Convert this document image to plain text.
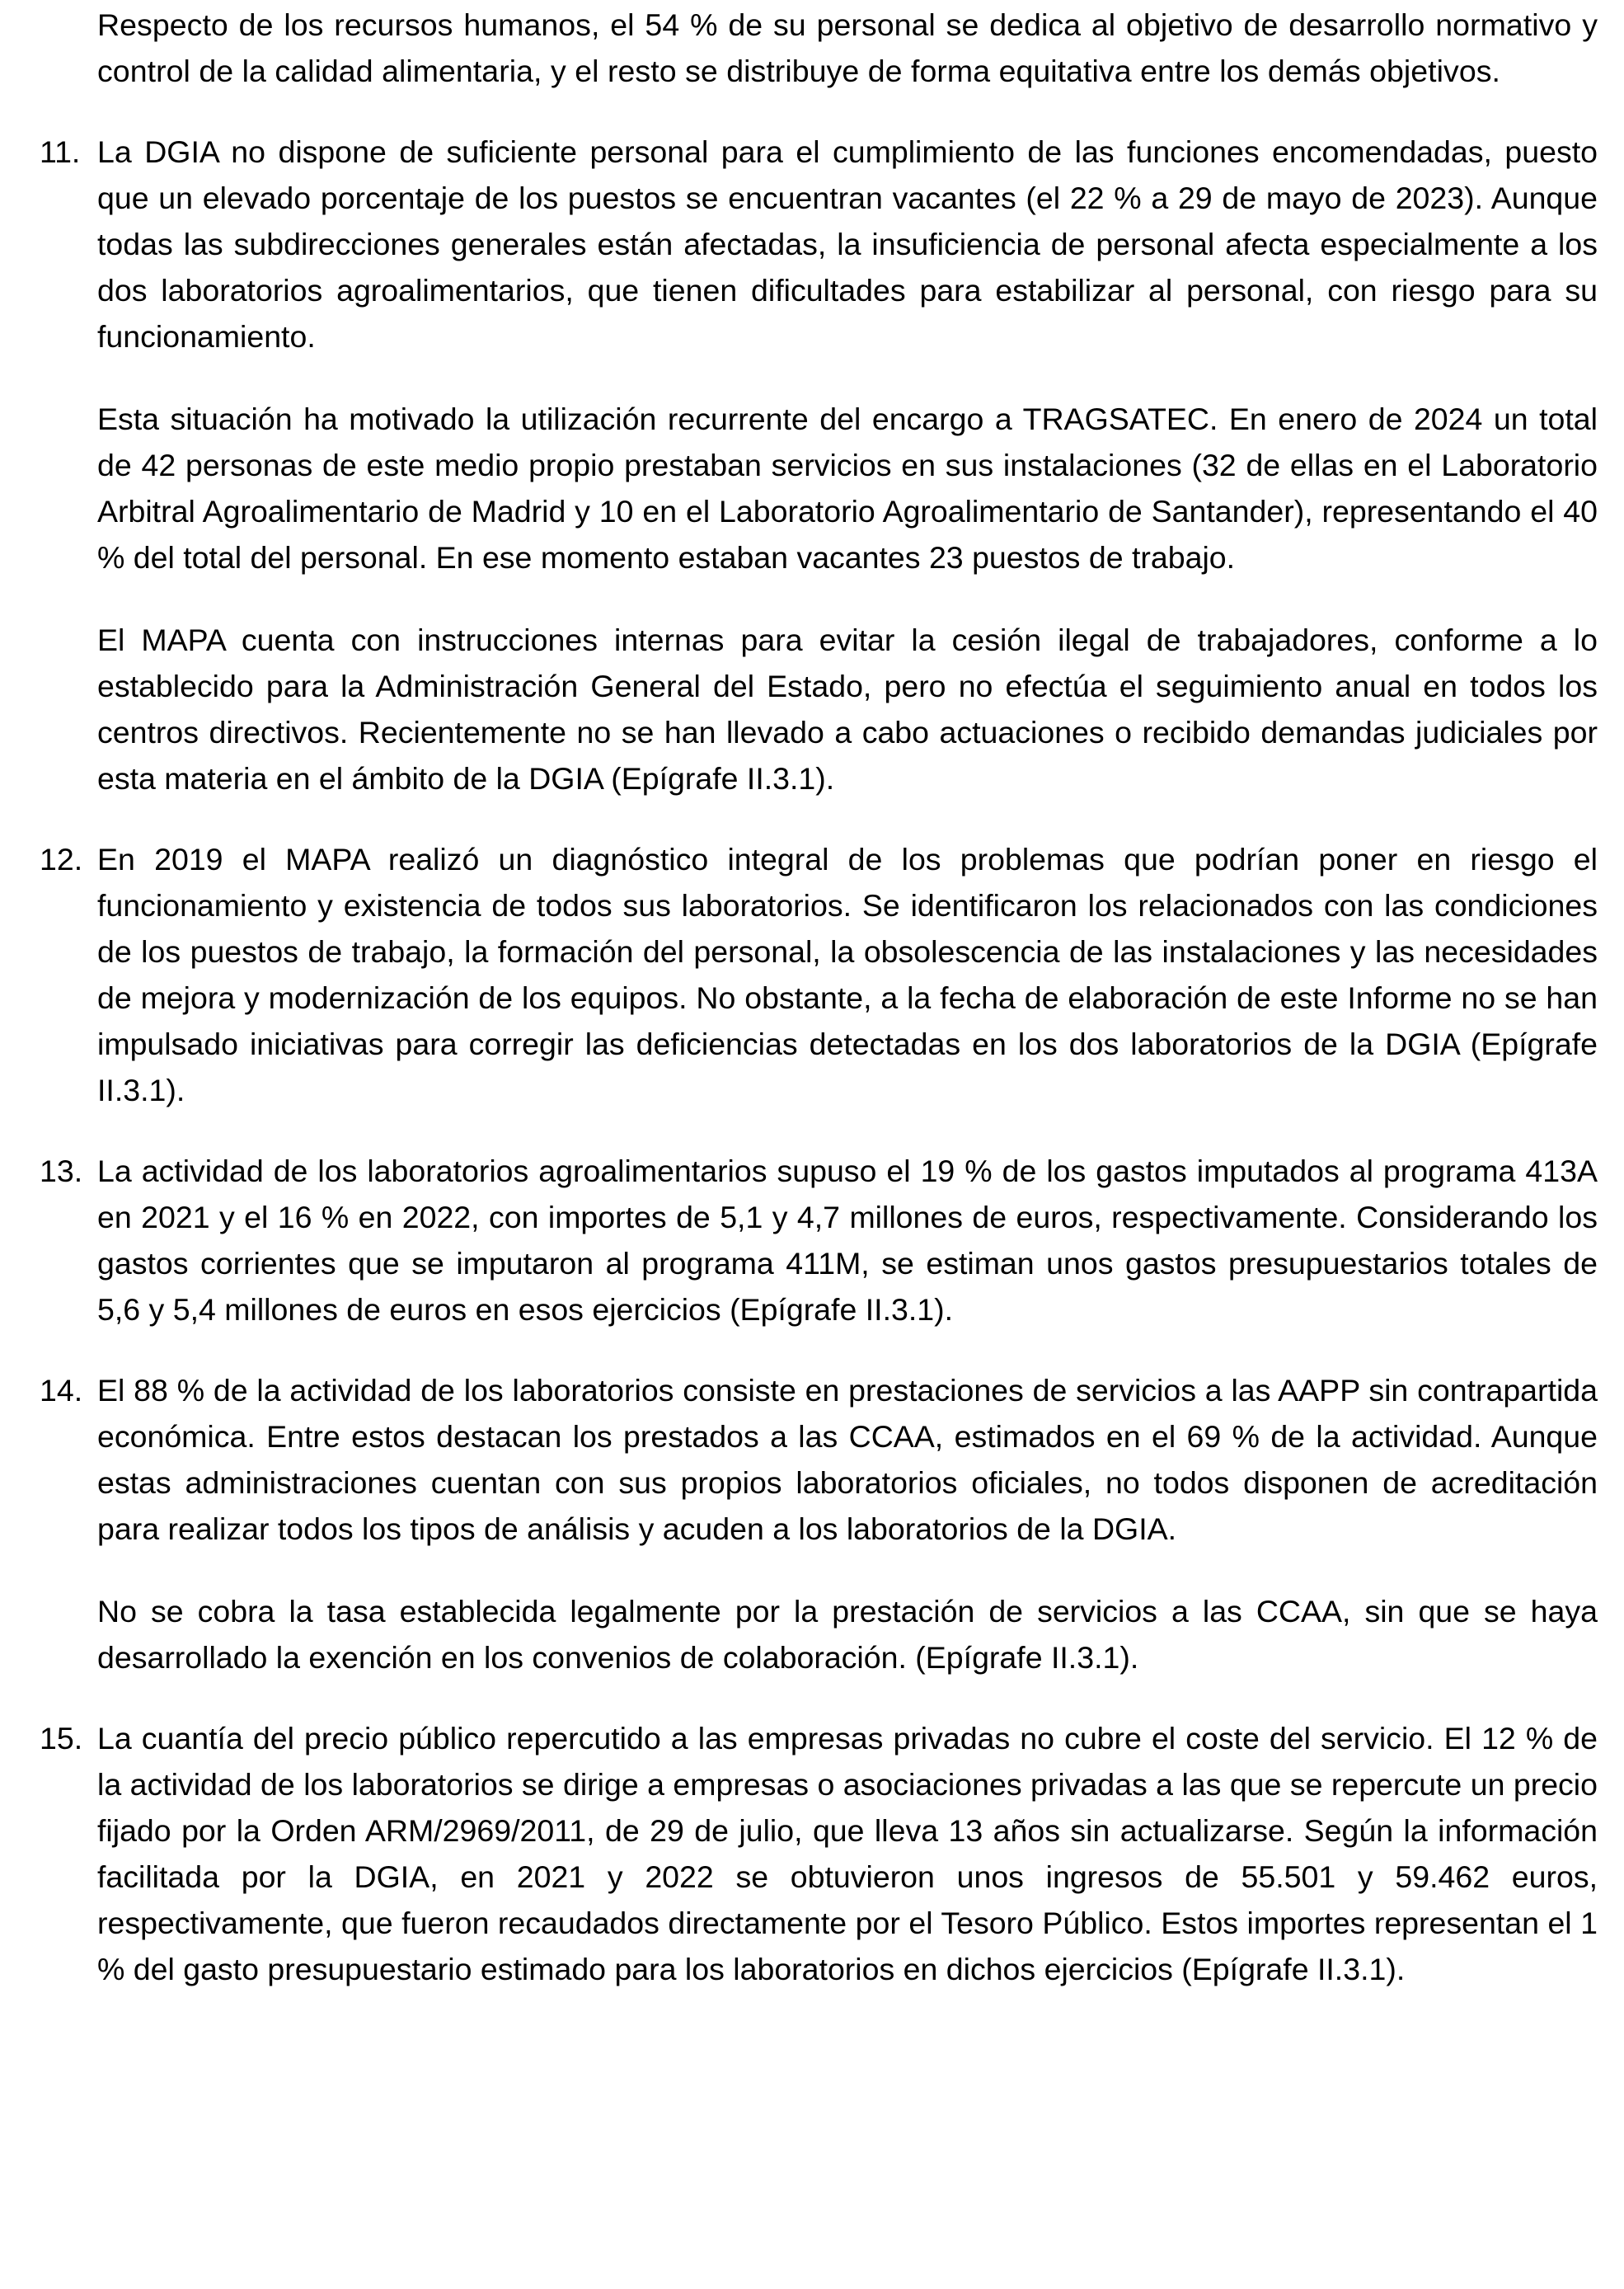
Respecto de los recursos humanos, el 54 % de su personal se dedica al objetivo de desarrollo normativo y control de la calidad alimentaria, y el resto se distribuye de forma equitativa entre los demás objetivos.

11. La DGIA no dispone de suficiente personal para el cumplimiento de las funciones encomendadas, puesto que un elevado porcentaje de los puestos se encuentran vacantes (el 22 % a 29 de mayo de 2023). Aunque todas las subdirecciones generales están afectadas, la insuficiencia de personal afecta especialmente a los dos laboratorios agroalimentarios, que tienen dificultades para estabilizar al personal, con riesgo para su funcionamiento.

Esta situación ha motivado la utilización recurrente del encargo a TRAGSATEC. En enero de 2024 un total de 42 personas de este medio propio prestaban servicios en sus instalaciones (32 de ellas en el Laboratorio Arbitral Agroalimentario de Madrid y 10 en el Laboratorio Agroalimentario de Santander), representando el 40 % del total del personal. En ese momento estaban vacantes 23 puestos de trabajo.

El MAPA cuenta con instrucciones internas para evitar la cesión ilegal de trabajadores, conforme a lo establecido para la Administración General del Estado, pero no efectúa el seguimiento anual en todos los centros directivos. Recientemente no se han llevado a cabo actuaciones o recibido demandas judiciales por esta materia en el ámbito de la DGIA (Epígrafe II.3.1).

12. En 2019 el MAPA realizó un diagnóstico integral de los problemas que podrían poner en riesgo el funcionamiento y existencia de todos sus laboratorios. Se identificaron los relacionados con las condiciones de los puestos de trabajo, la formación del personal, la obsolescencia de las instalaciones y las necesidades de mejora y modernización de los equipos. No obstante, a la fecha de elaboración de este Informe no se han impulsado iniciativas para corregir las deficiencias detectadas en los dos laboratorios de la DGIA (Epígrafe II.3.1).

13. La actividad de los laboratorios agroalimentarios supuso el 19 % de los gastos imputados al programa 413A en 2021 y el 16 % en 2022, con importes de 5,1 y 4,7 millones de euros, respectivamente. Considerando los gastos corrientes que se imputaron al programa 411M, se estiman unos gastos presupuestarios totales de 5,6 y 5,4 millones de euros en esos ejercicios (Epígrafe II.3.1).

14. El 88 % de la actividad de los laboratorios consiste en prestaciones de servicios a las AAPP sin contrapartida económica. Entre estos destacan los prestados a las CCAA, estimados en el 69 % de la actividad. Aunque estas administraciones cuentan con sus propios laboratorios oficiales, no todos disponen de acreditación para realizar todos los tipos de análisis y acuden a los laboratorios de la DGIA.

No se cobra la tasa establecida legalmente por la prestación de servicios a las CCAA, sin que se haya desarrollado la exención en los convenios de colaboración. (Epígrafe II.3.1).

15. La cuantía del precio público repercutido a las empresas privadas no cubre el coste del servicio. El 12 % de la actividad de los laboratorios se dirige a empresas o asociaciones privadas a las que se repercute un precio fijado por la Orden ARM/2969/2011, de 29 de julio, que lleva 13 años sin actualizarse. Según la información facilitada por la DGIA, en 2021 y 2022 se obtuvieron unos ingresos de 55.501 y 59.462 euros, respectivamente, que fueron recaudados directamente por el Tesoro Público. Estos importes representan el 1 % del gasto presupuestario estimado para los laboratorios en dichos ejercicios (Epígrafe II.3.1).
